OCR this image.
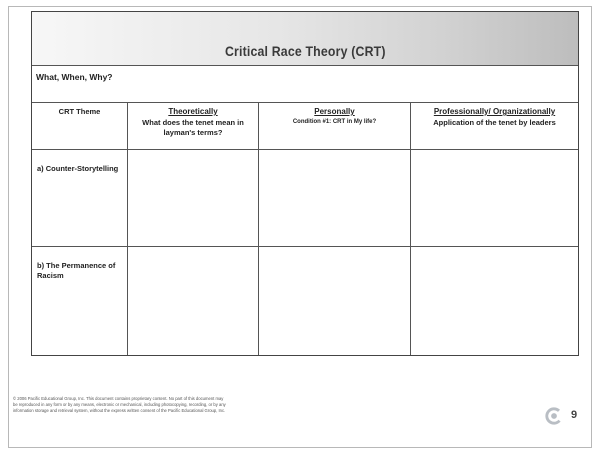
Critical Race Theory (CRT)
What, When, Why?
CRT Theme	Theoretically
What does the tenet mean in layman's terms?
Personally
Condition #1: CRT in My life?
Professionally/ Organizationally
Application of the tenet by leaders
a) Counter-Storytelling
b) The Permanence of Racism
© 2006 Pacific Educational Group, Inc. This document contains proprietary content. No part of this document may be reproduced in any form or by any means, electronic or mechanical, including photocopying, recording, or by any information storage and retrieval system, without the express written consent of the Pacific Educational Group, Inc.	9
